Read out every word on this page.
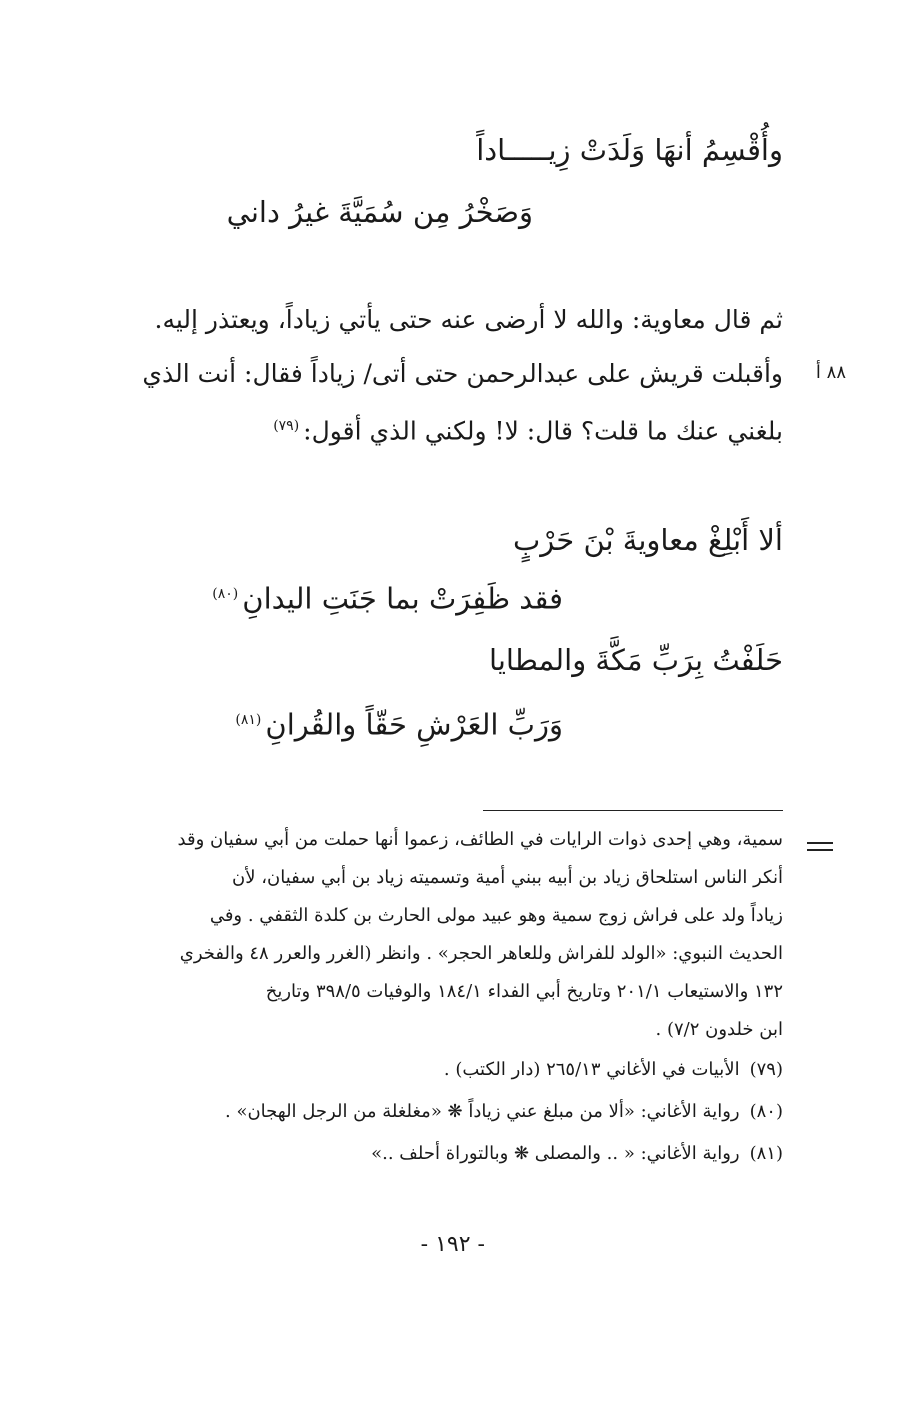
وأُقْسِمُ أنهَا وَلَدَتْ زِيـــــاداً
وَصَخْرُ مِن سُمَيَّةَ غيرُ داني
ثم قال معاوية: والله لا أرضى عنه حتى يأتي زياداً، ويعتذر إليه.
٨٨ أ
وأقبلت قريش على عبدالرحمن حتى أتى/ زياداً فقال: أنت الذي
بلغني عنك ما قلت؟ قال: لا! ولكني الذي أقول:$^{(٧٩)}$
ألا أَبْلِغْ معاويةَ بْنَ حَرْبٍ
فقد ظَفِرَتْ بما جَنَتِ اليدانِ$^{(٨٠)}$
حَلَفْتُ بِرَبِّ مَكَّةَ والمطايا
وَرَبِّ العَرْشِ حَقّاً والقُرانِ$^{(٨١)}$
سمية، وهي إحدى ذوات الرايات في الطائف، زعموا أنها حملت من أبي سفيان وقد
أنكر الناس استلحاق زياد بن أبيه ببني أمية وتسميته زياد بن أبي سفيان، لأن
زياداً ولد على فراش زوج سمية وهو عبيد مولى الحارث بن كلدة الثقفي . وفي
الحديث النبوي: «الولد للفراش وللعاهر الحجر» . وانظر (الغرر والعرر ٤٨ والفخري
١٣٢ والاستيعاب ٢٠١/١ وتاريخ أبي الفداء ١٨٤/١ والوفيات ٣٩٨/٥ وتاريخ
ابن خلدون ٧/٢) .
(٧٩)الأبيات في الأغاني ٢٦٥/١٣ (دار الكتب) .
(٨٠)رواية الأغاني: «ألا من مبلغ عني زياداً ❋ «مغلغلة من الرجل الهجان» .
(٨١)رواية الأغاني: « .. والمصلى ❋ وبالتوراة أحلف ..»
- ١٩٢ -
